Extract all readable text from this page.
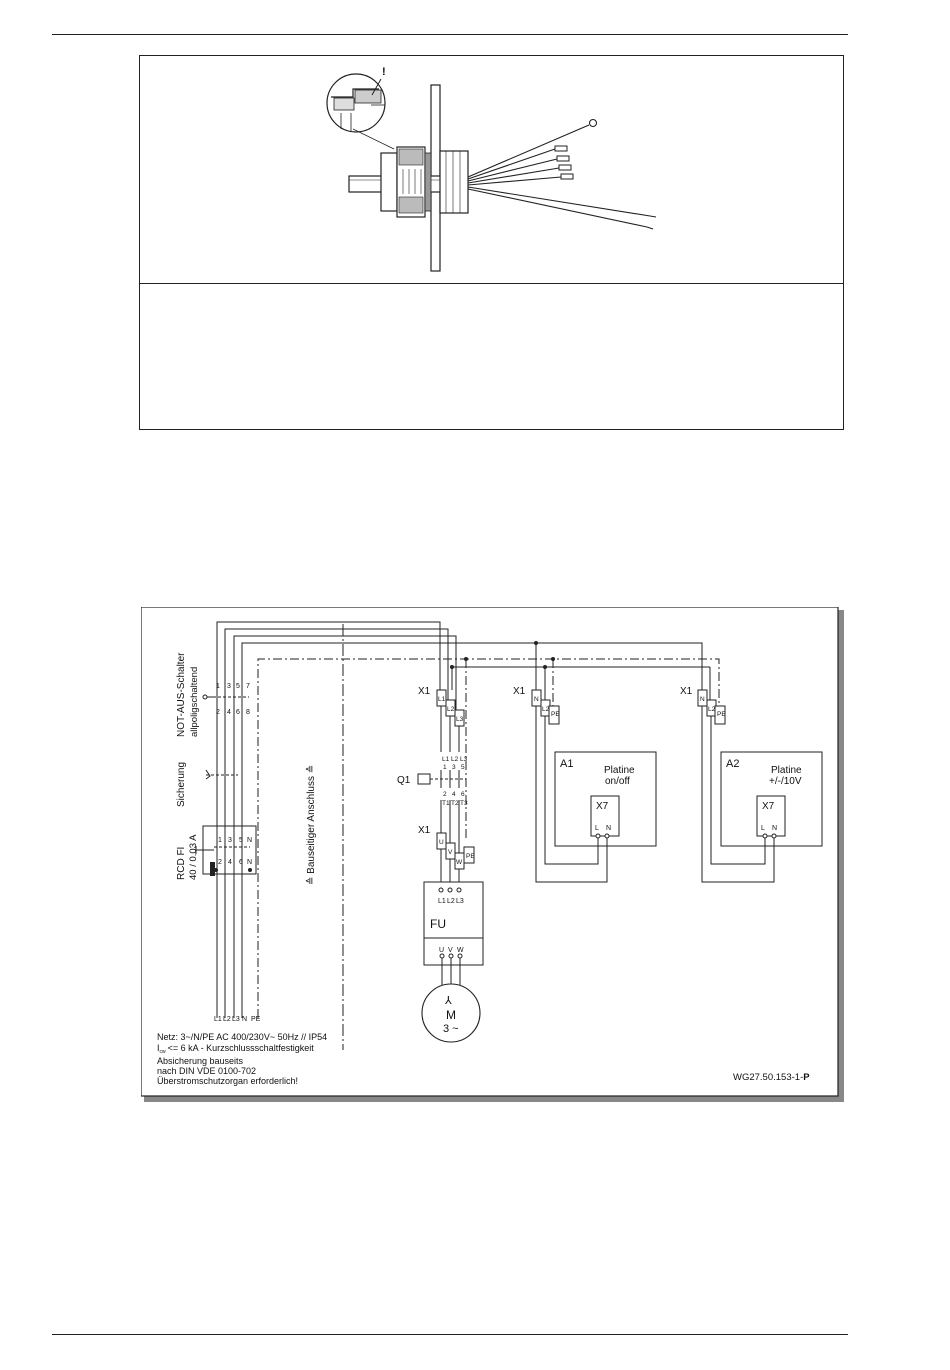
!
1 3 5 7
2 4 6 8
1 3 5 N
2 4 6 N
L1 L2 L3 N PE
NOT-AUS-Schalter
Sicherung
RCD FI	≙ Bauseitiger Anschluss ≙
allpoligschaltend
40 / 0.03 A
L1
L2
L3
X1
Q1
L1 L2 L3
1 3 5
2 4 6
T1 T2 T3
U
V
W
PE
X1
L1 L2 L3
U V W
FU
⅄
M
3 ~
N
L2
PE
X1
N
L2
PE
X1
A1
Platine
on/off
X7
L N
A2
Platine
+/-/10V
X7
L N
Netz: 3~/N/PE AC 400/230V~ 50Hz // IP54
$I_{cw} <= 6$ kA - Kurzschlussschaltfestigkeit
Absicherung bauseits
nach DIN VDE 0100-702
Überstromschutzorgan erforderlich!	WG27.50.153-1-P
